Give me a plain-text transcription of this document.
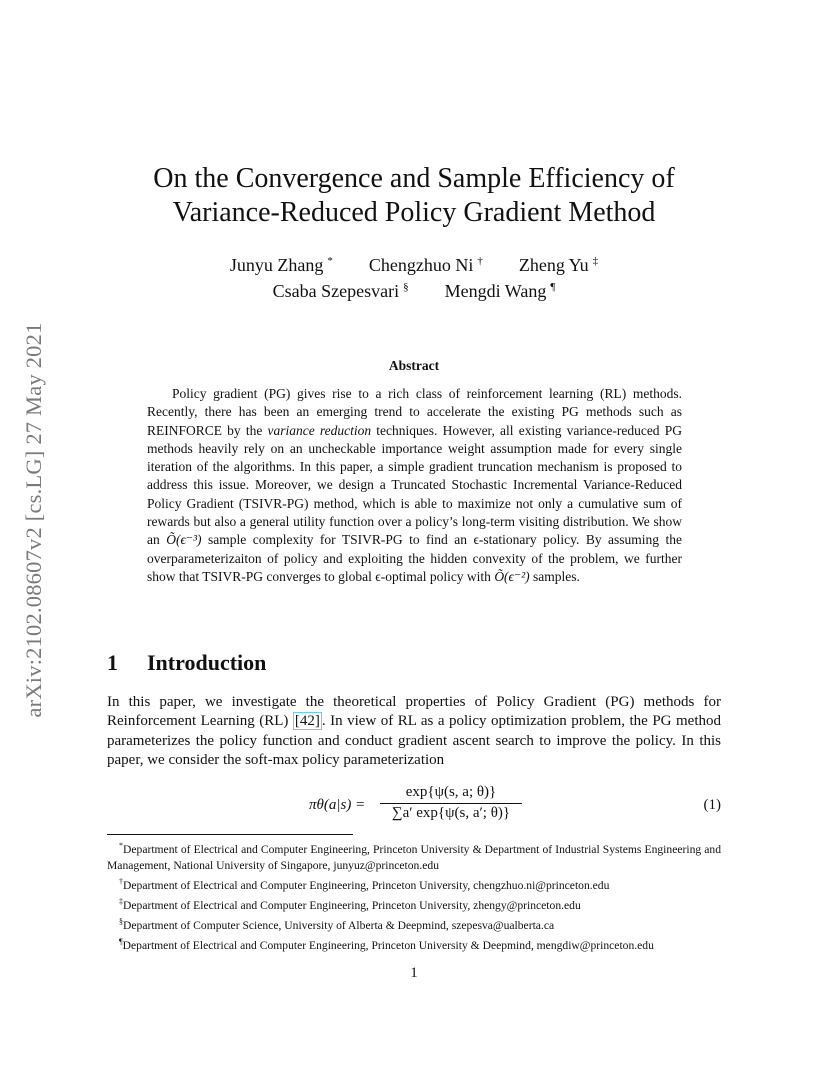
arXiv:2102.08607v2 [cs.LG] 27 May 2021
On the Convergence and Sample Efficiency of
Variance-Reduced Policy Gradient Method
Junyu Zhang * Chengzhuo Ni † Zheng Yu ‡
Csaba Szepesvari § Mengdi Wang ¶
Abstract
Policy gradient (PG) gives rise to a rich class of reinforcement learning (RL) methods. Recently, there has been an emerging trend to accelerate the existing PG methods such as REINFORCE by the variance reduction techniques. However, all existing variance-reduced PG methods heavily rely on an uncheckable importance weight assumption made for every single iteration of the algorithms. In this paper, a simple gradient truncation mechanism is proposed to address this issue. Moreover, we design a Truncated Stochastic Incremental Variance-Reduced Policy Gradient (TSIVR-PG) method, which is able to maximize not only a cumulative sum of rewards but also a general utility function over a policy’s long-term visiting distribution. We show an Õ(ϵ⁻³) sample complexity for TSIVR-PG to find an ϵ-stationary policy. By assuming the overparameterizaiton of policy and exploiting the hidden convexity of the problem, we further show that TSIVR-PG converges to global ϵ-optimal policy with Õ(ϵ⁻²) samples.
1 Introduction
In this paper, we investigate the theoretical properties of Policy Gradient (PG) methods for Reinforcement Learning (RL) [42] . In view of RL as a policy optimization problem, the PG method parameterizes the policy function and conduct gradient ascent search to improve the policy. In this paper, we consider the soft-max policy parameterization
$\pi\theta(a|s) = \frac{\exp\{\psi(s, a; \theta)\}}{\sum a' \exp\{\psi(s, a'; \theta)\}}$	(1)

*Department of Electrical and Computer Engineering, Princeton University & Department of Industrial Systems Engineering and Management, National University of Singapore, junyuz@princeton.edu

†Department of Electrical and Computer Engineering, Princeton University, chengzhuo.ni@princeton.edu

‡Department of Electrical and Computer Engineering, Princeton University, zhengy@princeton.edu

§Department of Computer Science, University of Alberta & Deepmind, szepesva@ualberta.ca

¶Department of Electrical and Computer Engineering, Princeton University & Deepmind, mengdiw@princeton.edu

1
